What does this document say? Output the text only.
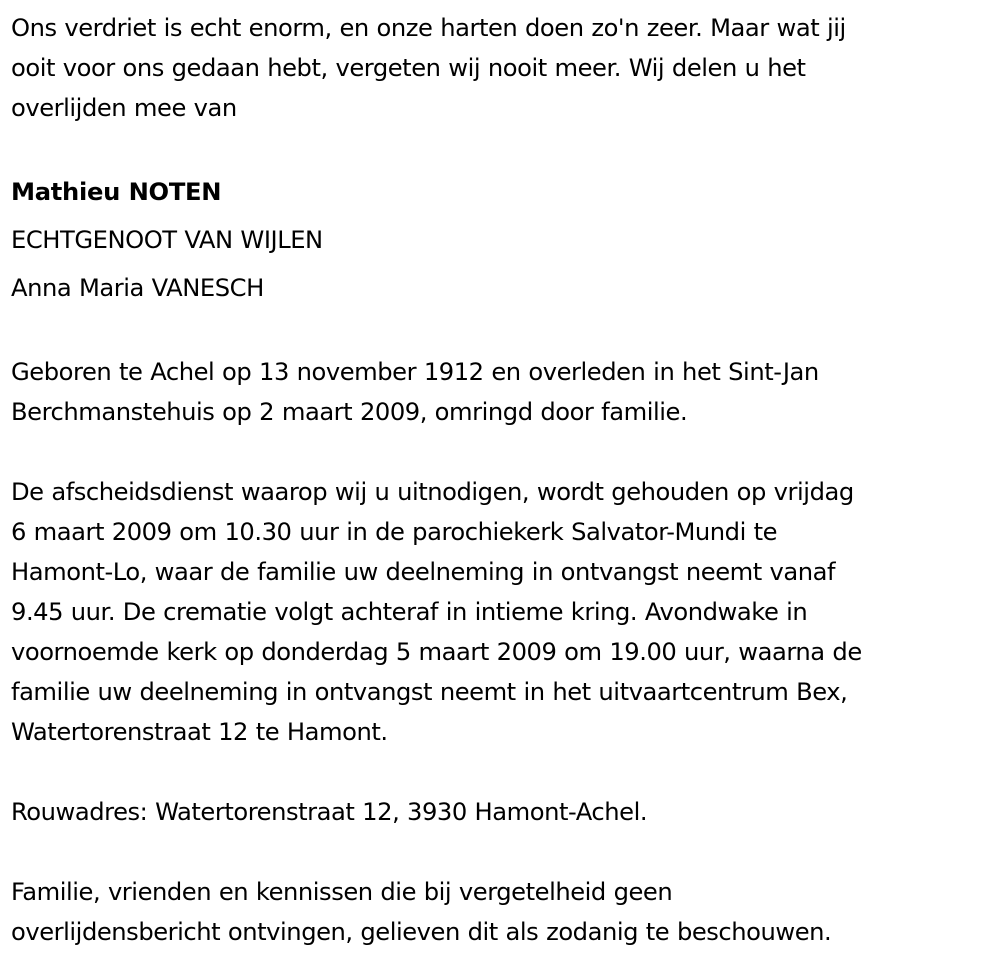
Ons verdriet is echt enorm, en onze harten doen zo'n zeer. Maar wat jij
ooit voor ons gedaan hebt, vergeten wij nooit meer. Wij delen u het
overlijden mee van
Mathieu NOTEN
ECHTGENOOT VAN WIJLEN
Anna Maria VANESCH
Geboren te Achel op 13 november 1912 en overleden in het Sint-Jan
Berchmanstehuis op 2 maart 2009, omringd door familie.
De afscheidsdienst waarop wij u uitnodigen, wordt gehouden op vrijdag
6 maart 2009 om 10.30 uur in de parochiekerk Salvator-Mundi te
Hamont-Lo, waar de familie uw deelneming in ontvangst neemt vanaf
9.45 uur. De crematie volgt achteraf in intieme kring. Avondwake in
voornoemde kerk op donderdag 5 maart 2009 om 19.00 uur, waarna de
familie uw deelneming in ontvangst neemt in het uitvaartcentrum Bex,
Watertorenstraat 12 te Hamont.
Rouwadres: Watertorenstraat 12, 3930 Hamont-Achel.
Familie, vrienden en kennissen die bij vergetelheid geen
overlijdensbericht ontvingen, gelieven dit als zodanig te beschouwen.
